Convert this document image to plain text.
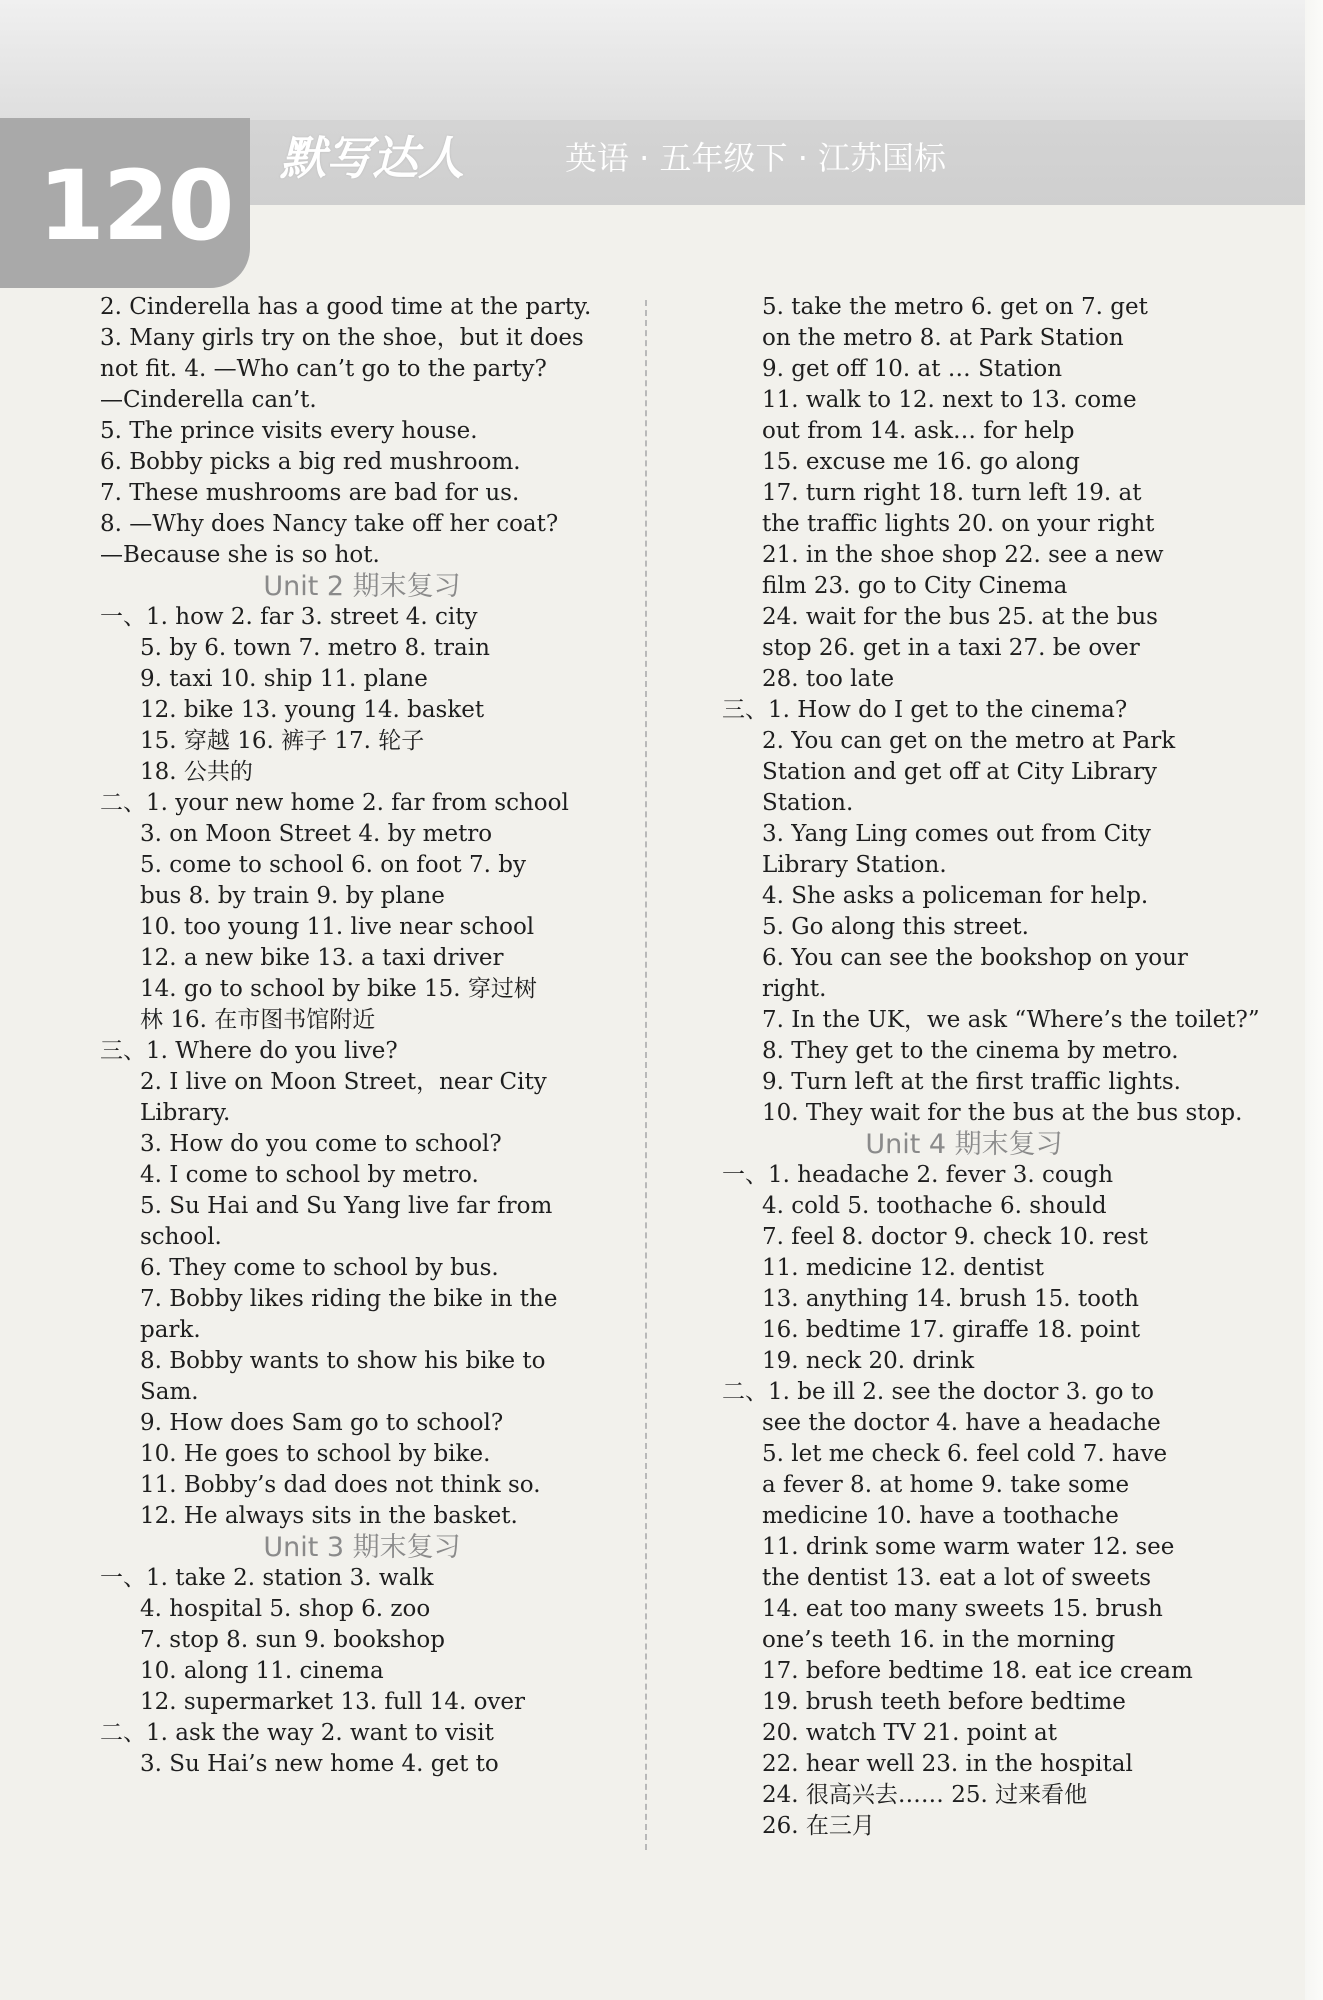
120 默写达人	英语 · 五年级下 · 江苏国标
2. Cinderella has a good time at the party.
3. Many girls try on the shoe，but it does
not fit. 4. —Who can’t go to the party?
—Cinderella can’t.
5. The prince visits every house.
6. Bobby picks a big red mushroom.
7. These mushrooms are bad for us.
8. —Why does Nancy take off her coat?
—Because she is so hot.
Unit 2 期末复习
一、1. how 2. far 3. street 4. city
5. by 6. town 7. metro 8. train
9. taxi 10. ship 11. plane
12. bike 13. young 14. basket
15. 穿越 16. 裤子 17. 轮子
18. 公共的
二、1. your new home 2. far from school
3. on Moon Street 4. by metro
5. come to school 6. on foot 7. by
bus 8. by train 9. by plane
10. too young 11. live near school
12. a new bike 13. a taxi driver
14. go to school by bike 15. 穿过树
林 16. 在市图书馆附近
三、1. Where do you live?
2. I live on Moon Street，near City
Library.
3. How do you come to school?
4. I come to school by metro.
5. Su Hai and Su Yang live far from
school.
6. They come to school by bus.
7. Bobby likes riding the bike in the
park.
8. Bobby wants to show his bike to
Sam.
9. How does Sam go to school?
10. He goes to school by bike.
11. Bobby’s dad does not think so.
12. He always sits in the basket.
Unit 3 期末复习
一、1. take 2. station 3. walk
4. hospital 5. shop 6. zoo
7. stop 8. sun 9. bookshop
10. along 11. cinema
12. supermarket 13. full 14. over
二、1. ask the way 2. want to visit
3. Su Hai’s new home 4. get to
5. take the metro 6. get on 7. get
on the metro 8. at Park Station
9. get off 10. at … Station
11. walk to 12. next to 13. come
out from 14. ask… for help
15. excuse me 16. go along
17. turn right 18. turn left 19. at
the traffic lights 20. on your right
21. in the shoe shop 22. see a new
film 23. go to City Cinema
24. wait for the bus 25. at the bus
stop 26. get in a taxi 27. be over
28. too late
三、1. How do I get to the cinema?
2. You can get on the metro at Park
Station and get off at City Library
Station.
3. Yang Ling comes out from City
Library Station.
4. She asks a policeman for help.
5. Go along this street.
6. You can see the bookshop on your
right.
7. In the UK，we ask “Where’s the toilet?”
8. They get to the cinema by metro.
9. Turn left at the first traffic lights.
10. They wait for the bus at the bus stop.
Unit 4 期末复习
一、1. headache 2. fever 3. cough
4. cold 5. toothache 6. should
7. feel 8. doctor 9. check 10. rest
11. medicine 12. dentist
13. anything 14. brush 15. tooth
16. bedtime 17. giraffe 18. point
19. neck 20. drink
二、1. be ill 2. see the doctor 3. go to
see the doctor 4. have a headache
5. let me check 6. feel cold 7. have
a fever 8. at home 9. take some
medicine 10. have a toothache
11. drink some warm water 12. see
the dentist 13. eat a lot of sweets
14. eat too many sweets 15. brush
one’s teeth 16. in the morning
17. before bedtime 18. eat ice cream
19. brush teeth before bedtime
20. watch TV 21. point at
22. hear well 23. in the hospital
24. 很高兴去…… 25. 过来看他
26. 在三月
